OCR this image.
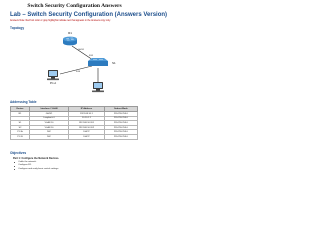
Switch Security Configuration Answers
Lab – Switch Security Configuration (Answers Version)
Answers Note: Red font color or gray highlights indicate text that appears in the Answers copy only.
Topology
R1
G0/0/1
S1
F0/5
F0/6
PC-A
Addressing Table
Device	Interface / VLAN	IP Address	Subnet Mask
R1	G0/0/1	192.168.10.1	255.255.255.0
	Loopback 0	10.10.1.1	255.255.255.0
S1	VLAN 10	192.168.10.201	255.255.255.0
S2	VLAN 10	192.168.10.202	255.255.255.0
PC-A	NIC	DHCP	255.255.255.0
PC-B	NIC	DHCP	255.255.255.0
Objectives
Part 1: Configure the Network Devices.
Cable the network.
Configure R1.
Configure and verify basic switch settings.
